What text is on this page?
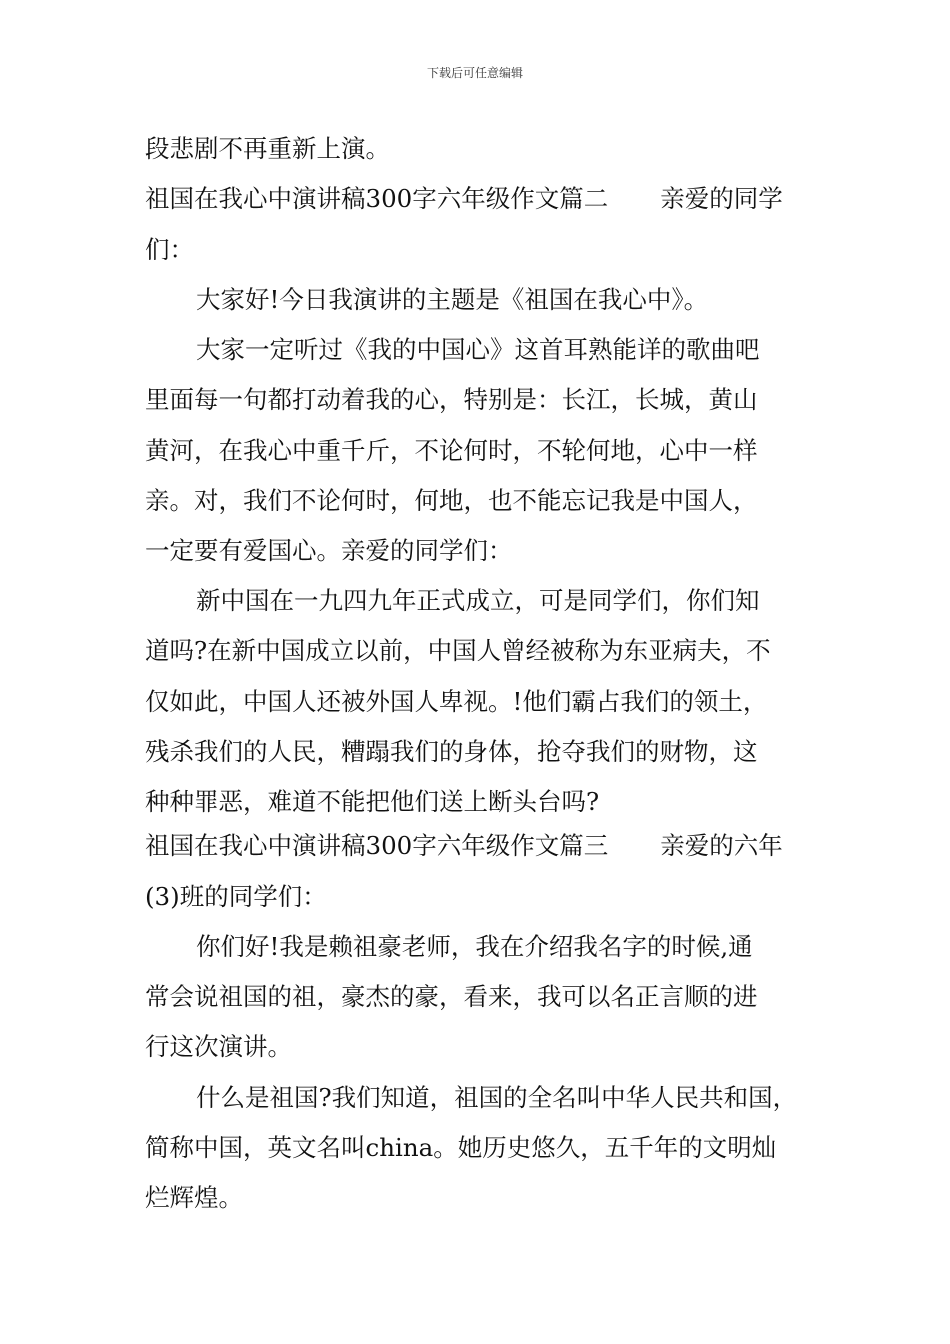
下载后可任意编辑
段悲剧不再重新上演。
祖国在我心中演讲稿300字六年级作文篇二 亲爱的同学
们：
大家好!今日我演讲的主题是《祖国在我心中》。
大家一定听过《我的中国心》这首耳熟能详的歌曲吧
里面每一句都打动着我的心，特别是：长江，长城，黄山
黄河，在我心中重千斤，不论何时，不轮何地，心中一样
亲。对，我们不论何时，何地，也不能忘记我是中国人，
一定要有爱国心。亲爱的同学们：
新中国在一九四九年正式成立，可是同学们，你们知
道吗?在新中国成立以前，中国人曾经被称为东亚病夫，不
仅如此，中国人还被外国人卑视。!他们霸占我们的领土，
残杀我们的人民，糟蹋我们的身体，抢夺我们的财物，这
种种罪恶，难道不能把他们送上断头台吗?
祖国在我心中演讲稿300字六年级作文篇三 亲爱的六年
(3)班的同学们：
你们好!我是赖祖豪老师，我在介绍我名字的时候,通
常会说祖国的祖，豪杰的豪，看来，我可以名正言顺的进
行这次演讲。
什么是祖国?我们知道，祖国的全名叫中华人民共和国，
简称中国，英文名叫china。她历史悠久，五千年的文明灿
烂辉煌。
